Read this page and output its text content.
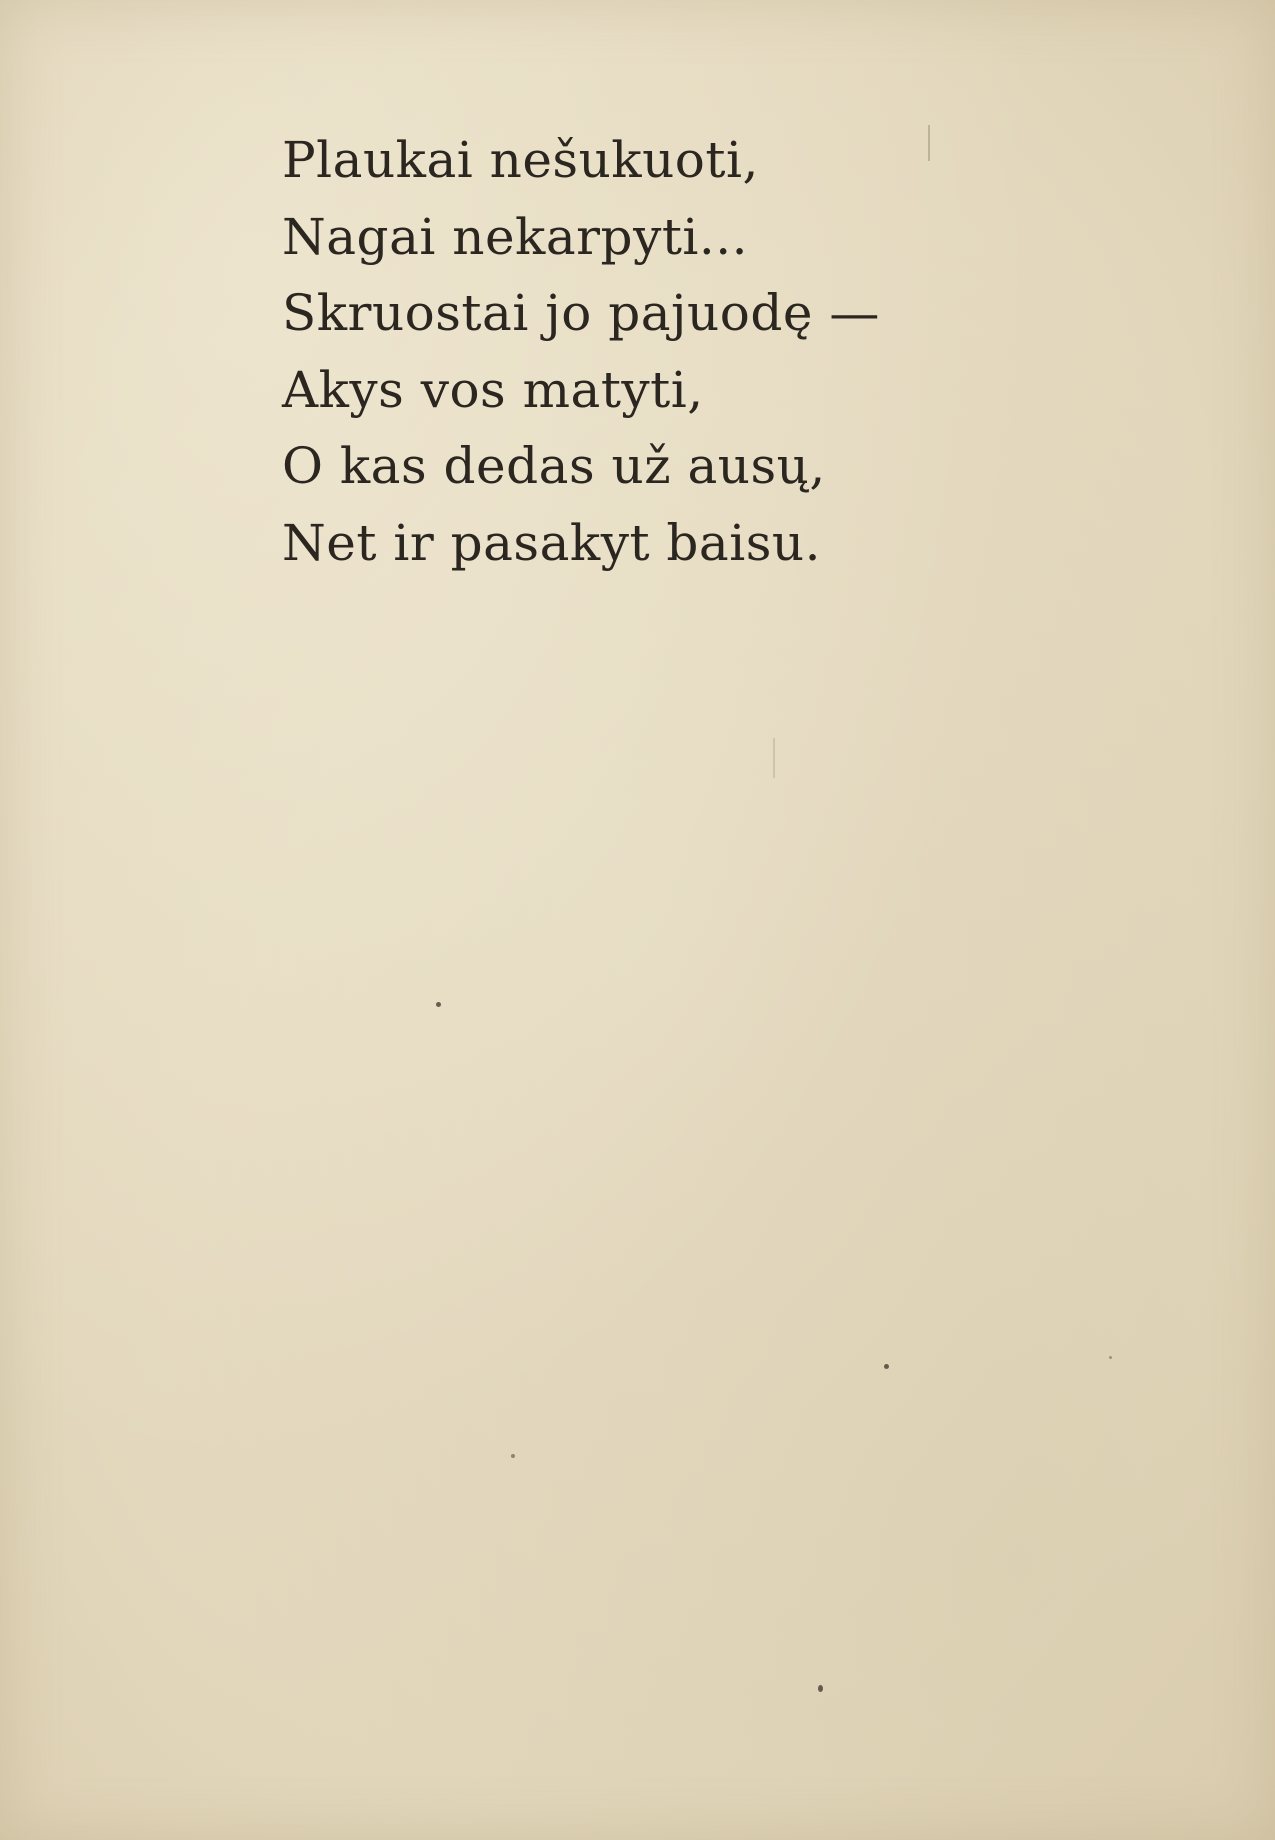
Plaukai nešukuoti,
Nagai nekarpyti...
Skruostai jo pajuodę —
Akys vos matyti,
O kas dedas už ausų,
Net ir pasakyt baisu.
